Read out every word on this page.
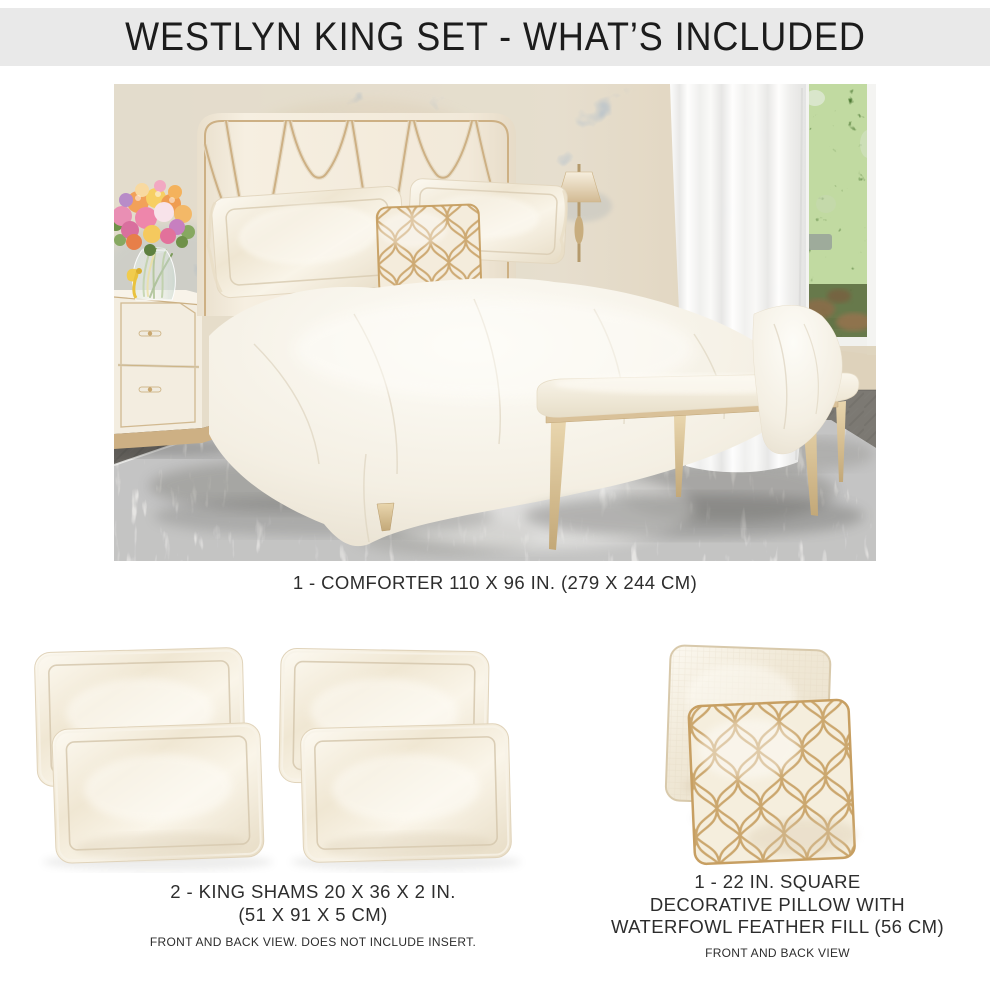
WESTLYN KING SET - WHAT’S INCLUDED
1 - COMFORTER 110 X 96 IN. (279 X 244 CM)
2 - KING SHAMS 20 X 36 X 2 IN.
(51 X 91 X 5 CM)
FRONT AND BACK VIEW. DOES NOT INCLUDE INSERT.
1 - 22 IN. SQUARE
DECORATIVE PILLOW WITH
WATERFOWL FEATHER FILL (56 CM)
FRONT AND BACK VIEW
